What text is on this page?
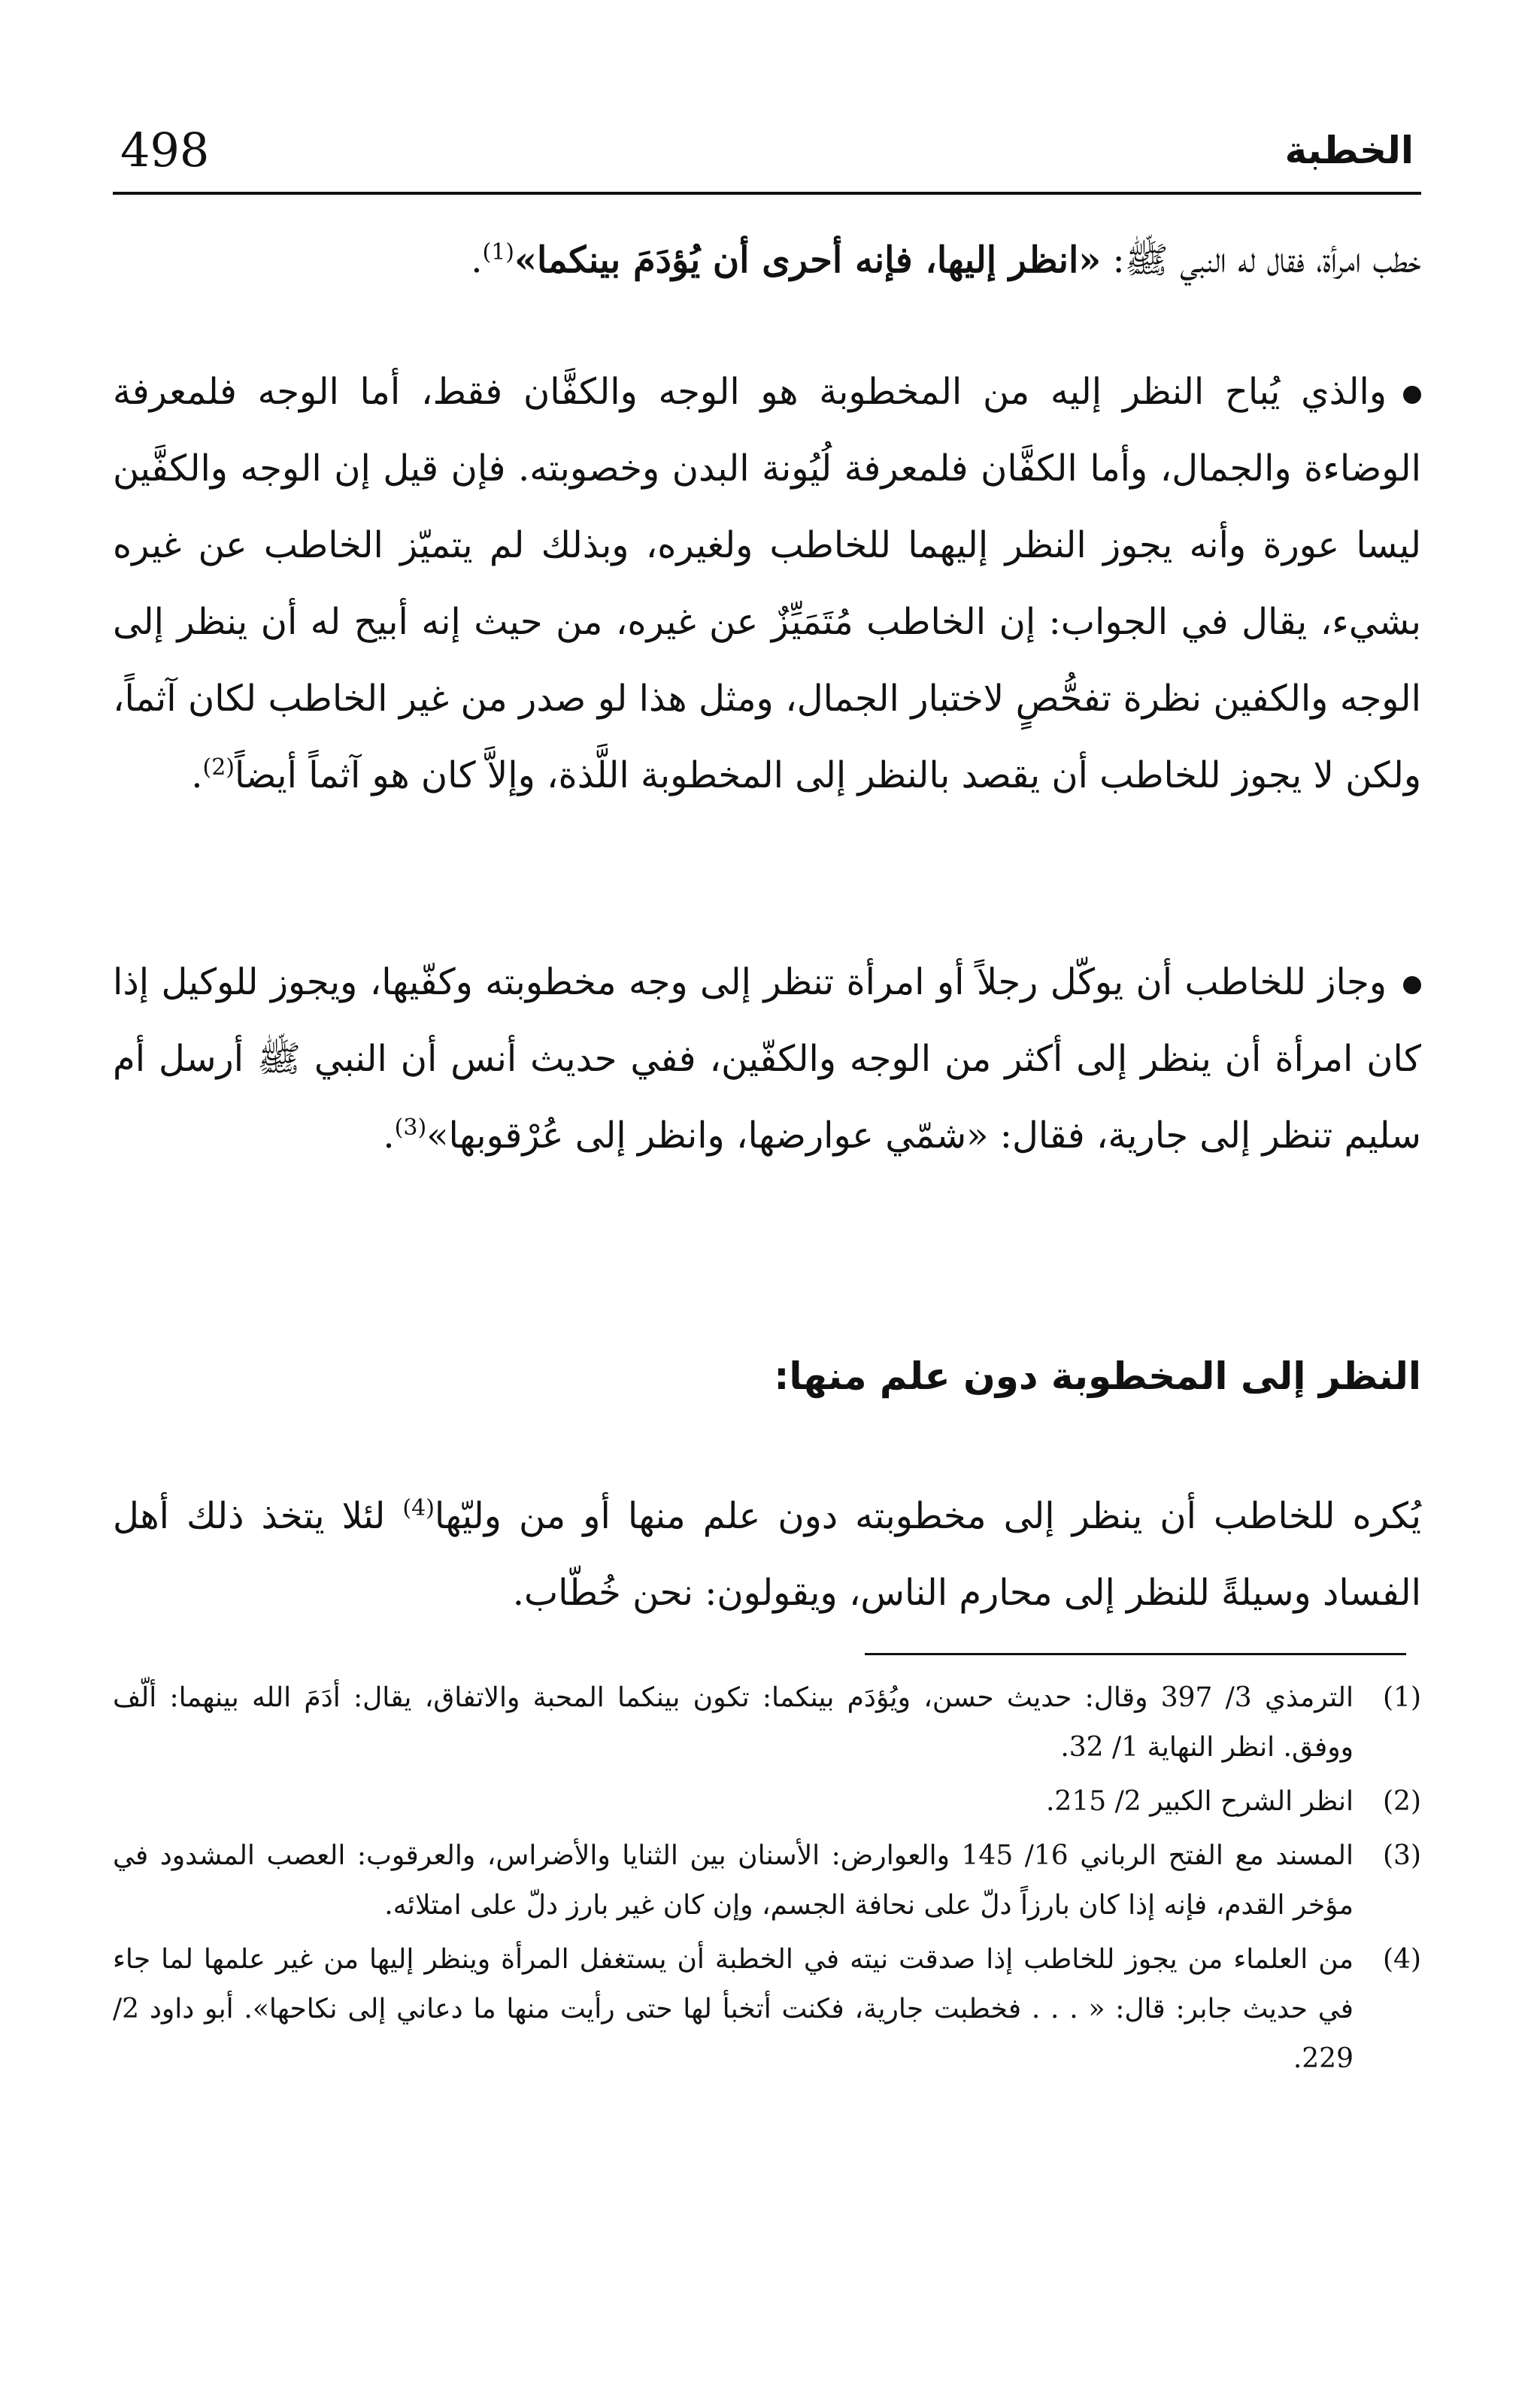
498	الخطبة

خطب امرأة، فقال له النبي ﷺ: «انظر إليها، فإنه أحرى أن يُؤدَمَ بينكما»$^{(1)}$.

والذي يُباح النظر إليه من المخطوبة هو الوجه والكفَّان فقط، أما الوجه فلمعرفة الوضاءة والجمال، وأما الكفَّان فلمعرفة لُيُونة البدن وخصوبته. فإن قيل إن الوجه والكفَّين ليسا عورة وأنه يجوز النظر إليهما للخاطب ولغيره، وبذلك لم يتميّز الخاطب عن غيره بشيء، يقال في الجواب: إن الخاطب مُتَمَيِّزٌ عن غيره، من حيث إنه أبيح له أن ينظر إلى الوجه والكفين نظرة تفحُّصٍ لاختبار الجمال، ومثل هذا لو صدر من غير الخاطب لكان آثماً، ولكن لا يجوز للخاطب أن يقصد بالنظر إلى المخطوبة اللَّذة، وإلاَّ كان هو آثماً أيضاً$^{(2)}$.

وجاز للخاطب أن يوكّل رجلاً أو امرأة تنظر إلى وجه مخطوبته وكفّيها، ويجوز للوكيل إذا كان امرأة أن ينظر إلى أكثر من الوجه والكفّين، ففي حديث أنس أن النبي ﷺ أرسل أم سليم تنظر إلى جارية، فقال: «شمّي عوارضها، وانظر إلى عُرْقوبها»$^{(3)}$.

النظر إلى المخطوبة دون علم منها:

يُكره للخاطب أن ينظر إلى مخطوبته دون علم منها أو من وليّها$^{(4)}$ لئلا يتخذ ذلك أهل الفساد وسيلةً للنظر إلى محارم الناس، ويقولون: نحن خُطّاب.

(1)
الترمذي 3/ 397 وقال: حديث حسن، ويُؤدَم بينكما: تكون بينكما المحبة والاتفاق، يقال: أدَمَ الله بينهما: ألّف ووفق. انظر النهاية 1/ 32.
(2)
انظر الشرح الكبير 2/ 215.
(3)
المسند مع الفتح الرباني 16/ 145 والعوارض: الأسنان بين الثنايا والأضراس، والعرقوب: العصب المشدود في مؤخر القدم، فإنه إذا كان بارزاً دلّ على نحافة الجسم، وإن كان غير بارز دلّ على امتلائه.
(4)
من العلماء من يجوز للخاطب إذا صدقت نيته في الخطبة أن يستغفل المرأة وينظر إليها من غير علمها لما جاء في حديث جابر: قال: « . . . فخطبت جارية، فكنت أتخبأ لها حتى رأيت منها ما دعاني إلى نكاحها». أبو داود 2/ 229.
